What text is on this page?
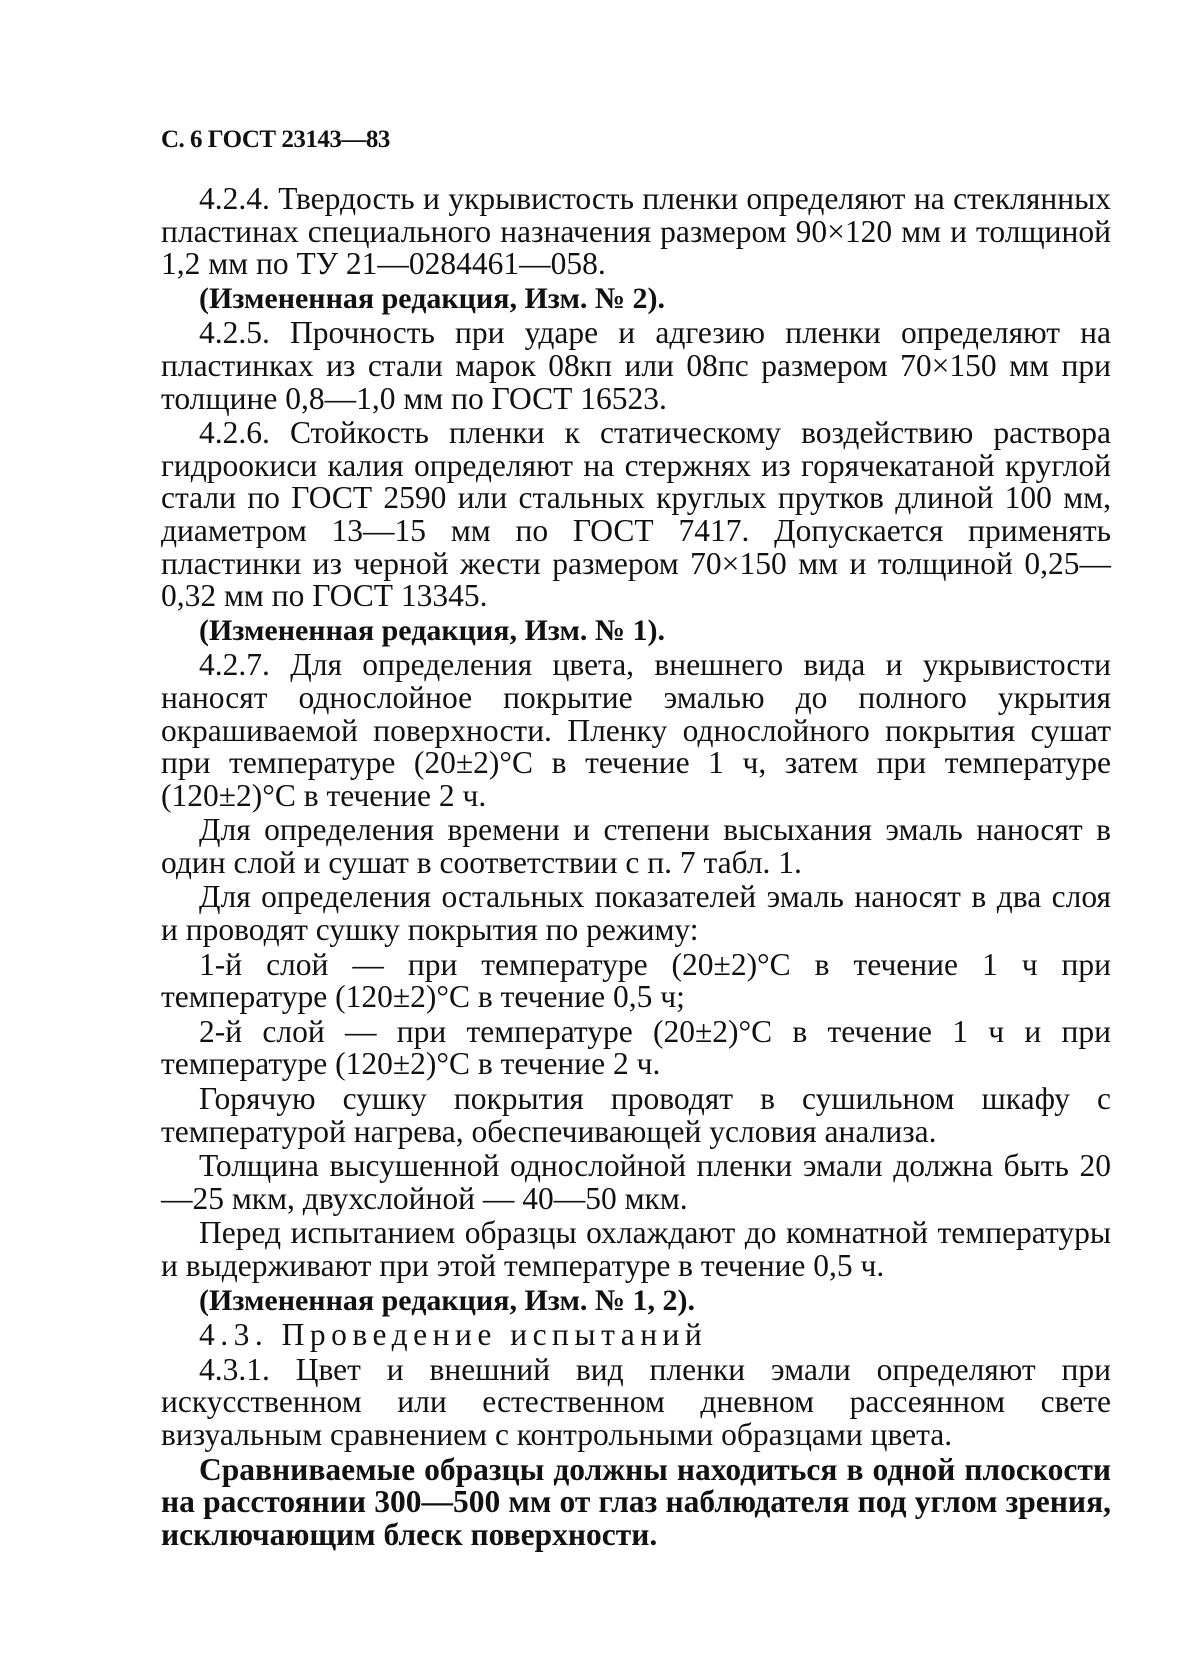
С. 6 ГОСТ 23143—83

4.2.4. Твердость и укрывистость пленки определяют на стеклянных пластинах специального назначения размером 90×120 мм и толщиной 1,2 мм по ТУ 21—0284461—058.

(Измененная редакция, Изм. № 2).

4.2.5. Прочность при ударе и адгезию пленки определяют на пластинках из стали марок 08кп или 08пс размером 70×150 мм при толщине 0,8—1,0 мм по ГОСТ 16523.

4.2.6. Стойкость пленки к статическому воздействию раствора гидроокиси калия определяют на стержнях из горячекатаной круглой стали по ГОСТ 2590 или стальных круглых прутков длиной 100 мм, диаметром 13—15 мм по ГОСТ 7417. Допускается применять пластинки из черной жести размером 70×150 мм и толщиной 0,25—0,32 мм по ГОСТ 13345.

(Измененная редакция, Изм. № 1).

4.2.7. Для определения цвета, внешнего вида и укрывистости наносят однослойное покрытие эмалью до полного укрытия окрашиваемой поверхности. Пленку однослойного покрытия сушат при температуре (20±2)°С в течение 1 ч, затем при температуре (120±2)°С в течение 2 ч.

Для определения времени и степени высыхания эмаль наносят в один слой и сушат в соответствии с п. 7 табл. 1.

Для определения остальных показателей эмаль наносят в два слоя и проводят сушку покрытия по режиму:

1-й слой — при температуре (20±2)°С в течение 1 ч при температуре (120±2)°С в течение 0,5 ч;

2-й слой — при температуре (20±2)°С в течение 1 ч и при температуре (120±2)°С в течение 2 ч.

Горячую сушку покрытия проводят в сушильном шкафу с температурой нагрева, обеспечивающей условия анализа.

Толщина высушенной однослойной пленки эмали должна быть 20—25 мкм, двухслойной — 40—50 мкм.

Перед испытанием образцы охлаждают до комнатной температуры и выдерживают при этой температуре в течение 0,5 ч.

(Измененная редакция, Изм. № 1, 2).

4.3. Проведение испытаний

4.3.1. Цвет и внешний вид пленки эмали определяют при искусственном или естественном дневном рассеянном свете визуальным сравнением с контрольными образцами цвета.

Сравниваемые образцы должны находиться в одной плоскости на расстоянии 300—500 мм от глаз наблюдателя под углом зрения, исключающим блеск поверхности.
